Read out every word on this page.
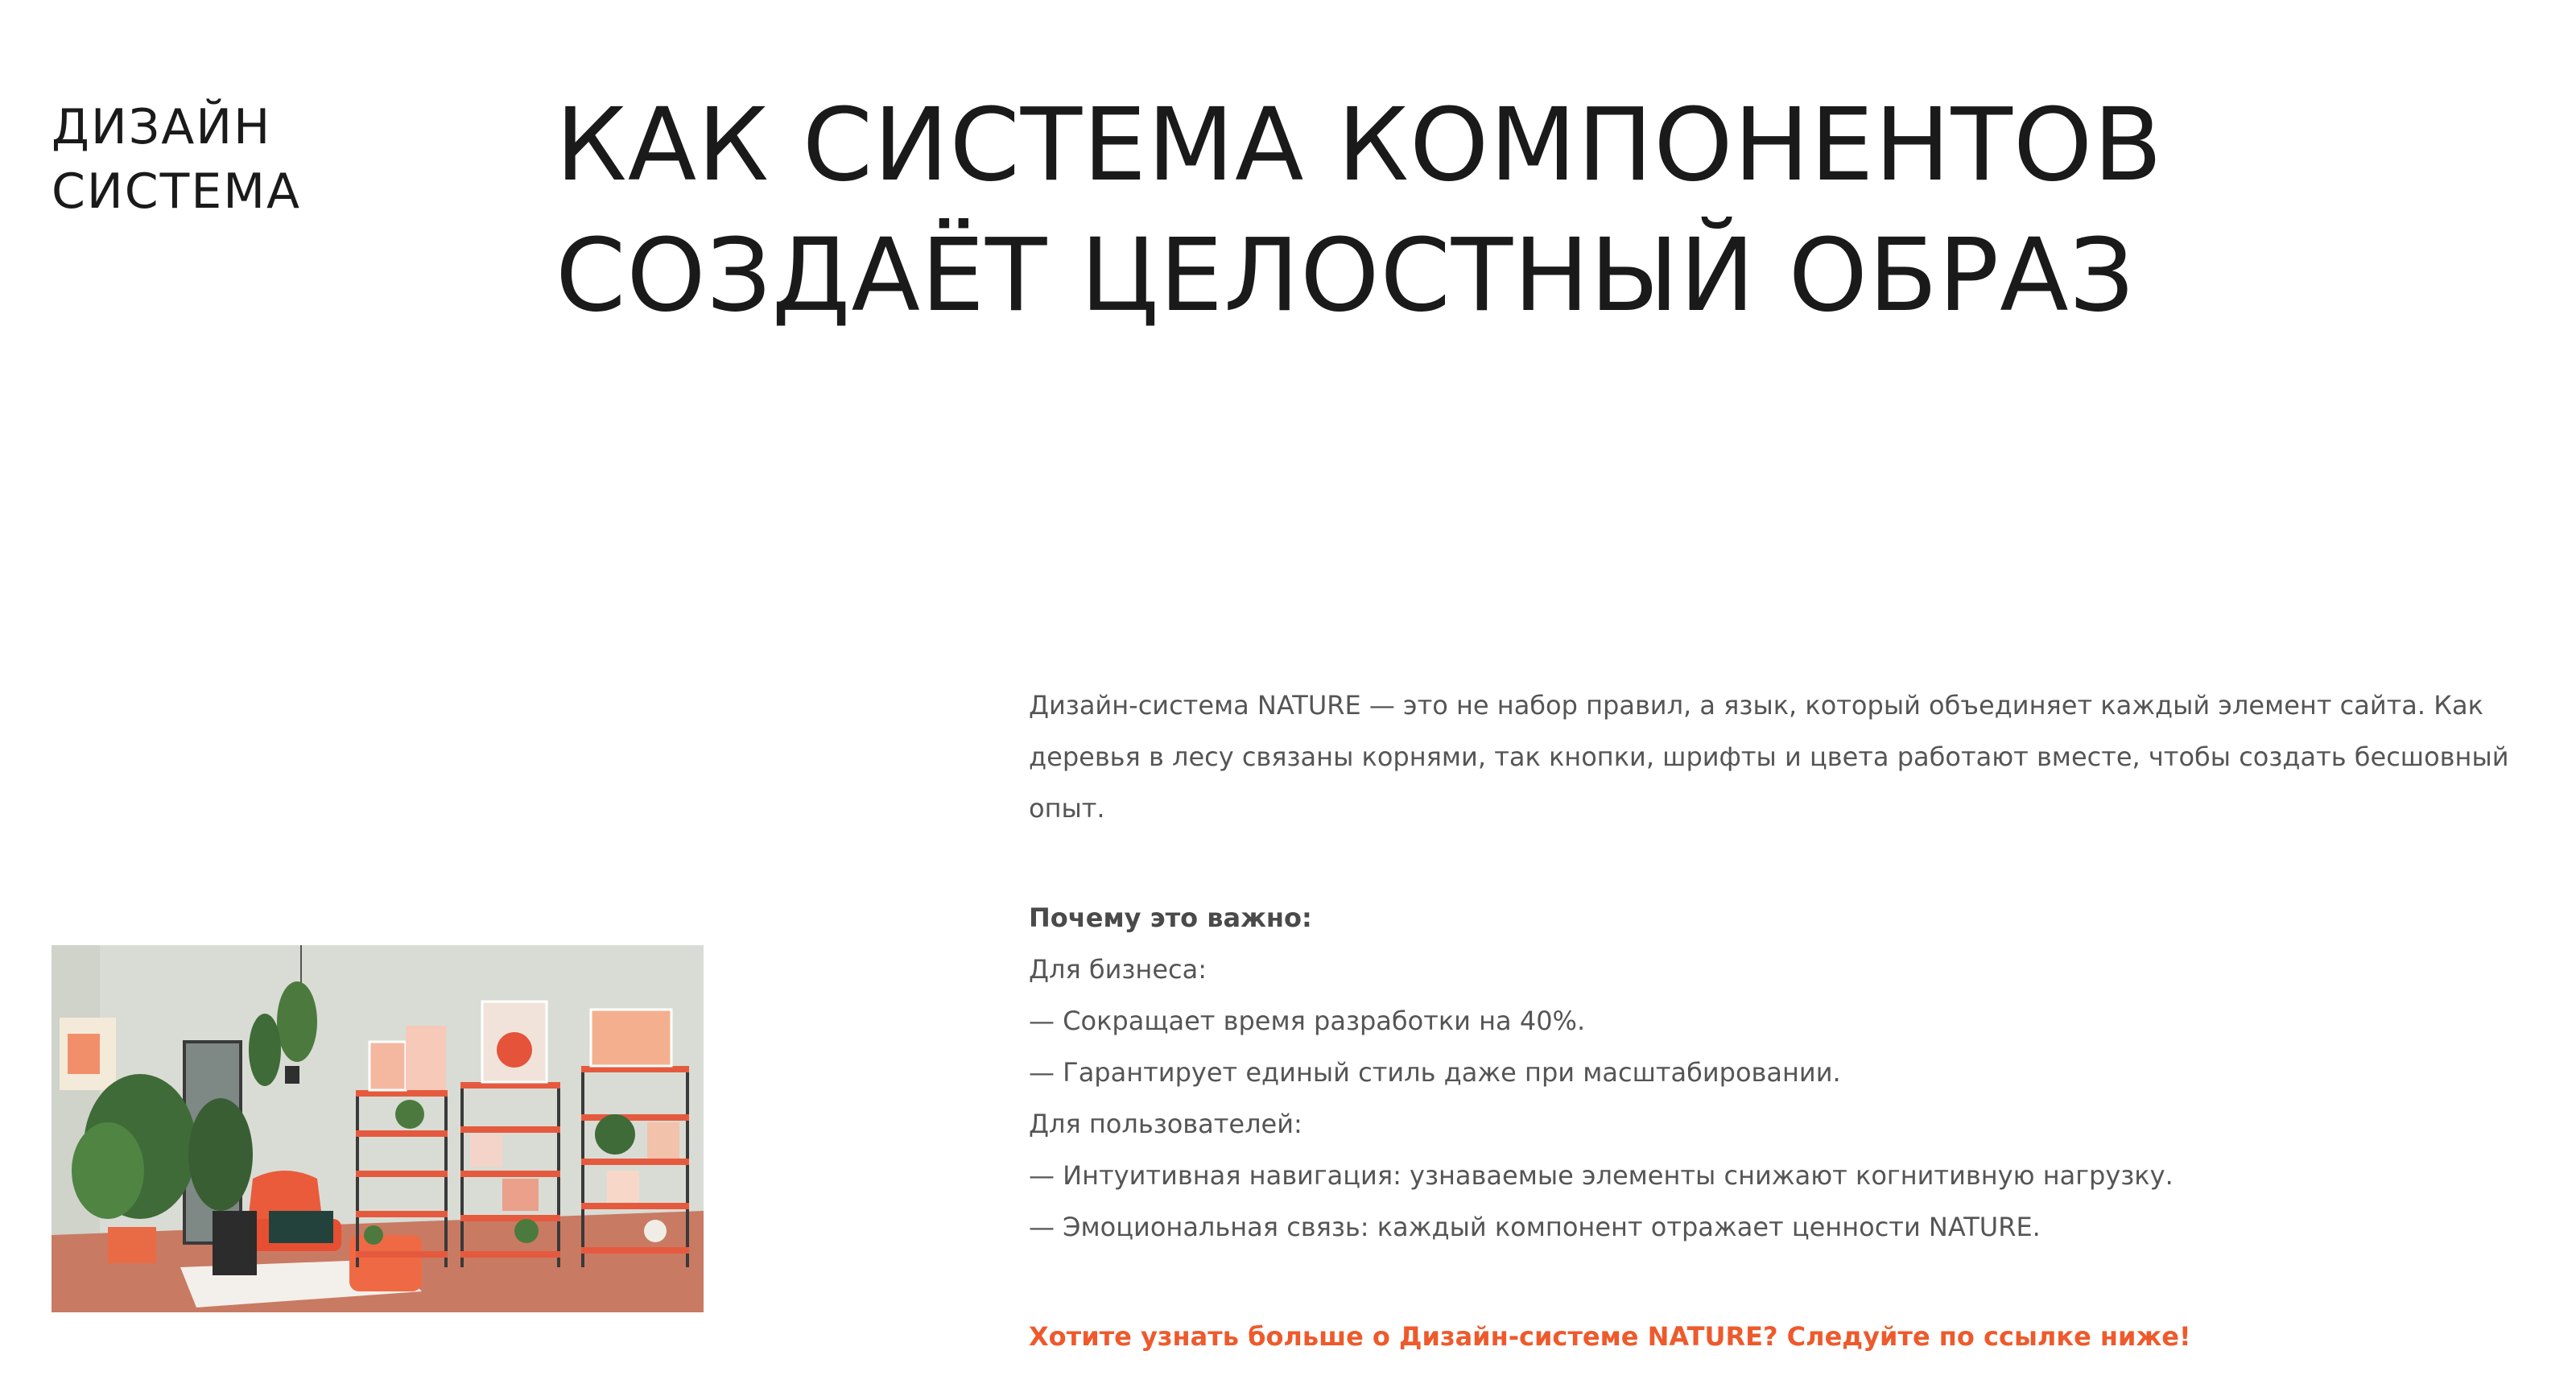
ДИЗАЙН
СИСТЕМА	КАК СИСТЕМА КОМПОНЕНТОВ
СОЗДАЁТ ЦЕЛОСТНЫЙ ОБРАЗ

Дизайн-система NATURE — это не набор правил, а язык, который объединяет каждый элемент сайта. Как
деревья в лесу связаны корнями, так кнопки, шрифты и цвета работают вместе, чтобы создать бесшовный опыт.

Почему это важно:

Для бизнеса:

— Сокращает время разработки на 40%.

— Гарантирует единый стиль даже при масштабировании.

Для пользователей:

— Интуитивная навигация: узнаваемые элементы снижают когнитивную нагрузку.

— Эмоциональная связь: каждый компонент отражает ценности NATURE.

Хотите узнать больше о Дизайн-системе NATURE? Следуйте по ссылке ниже!
